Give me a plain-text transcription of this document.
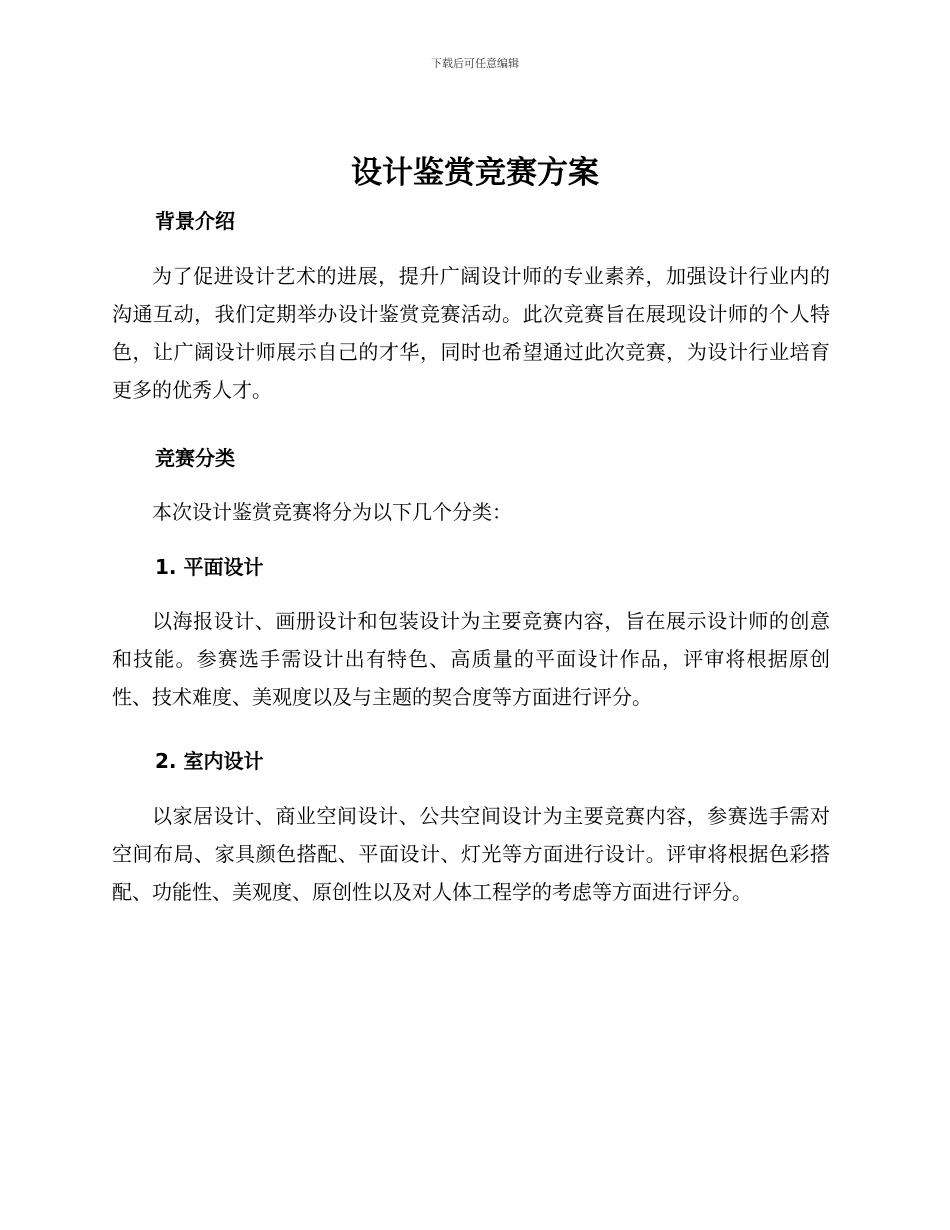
下载后可任意编辑
设计鉴赏竞赛方案
背景介绍
为了促进设计艺术的进展，提升广阔设计师的专业素养，加强设计行业内的沟通互动，我们定期举办设计鉴赏竞赛活动。此次竞赛旨在展现设计师的个人特色，让广阔设计师展示自己的才华，同时也希望通过此次竞赛，为设计行业培育更多的优秀人才。
竞赛分类
本次设计鉴赏竞赛将分为以下几个分类：
1. 平面设计
以海报设计、画册设计和包装设计为主要竞赛内容，旨在展示设计师的创意和技能。参赛选手需设计出有特色、高质量的平面设计作品，评审将根据原创性、技术难度、美观度以及与主题的契合度等方面进行评分。
2. 室内设计
以家居设计、商业空间设计、公共空间设计为主要竞赛内容，参赛选手需对空间布局、家具颜色搭配、平面设计、灯光等方面进行设计。评审将根据色彩搭配、功能性、美观度、原创性以及对人体工程学的考虑等方面进行评分。
